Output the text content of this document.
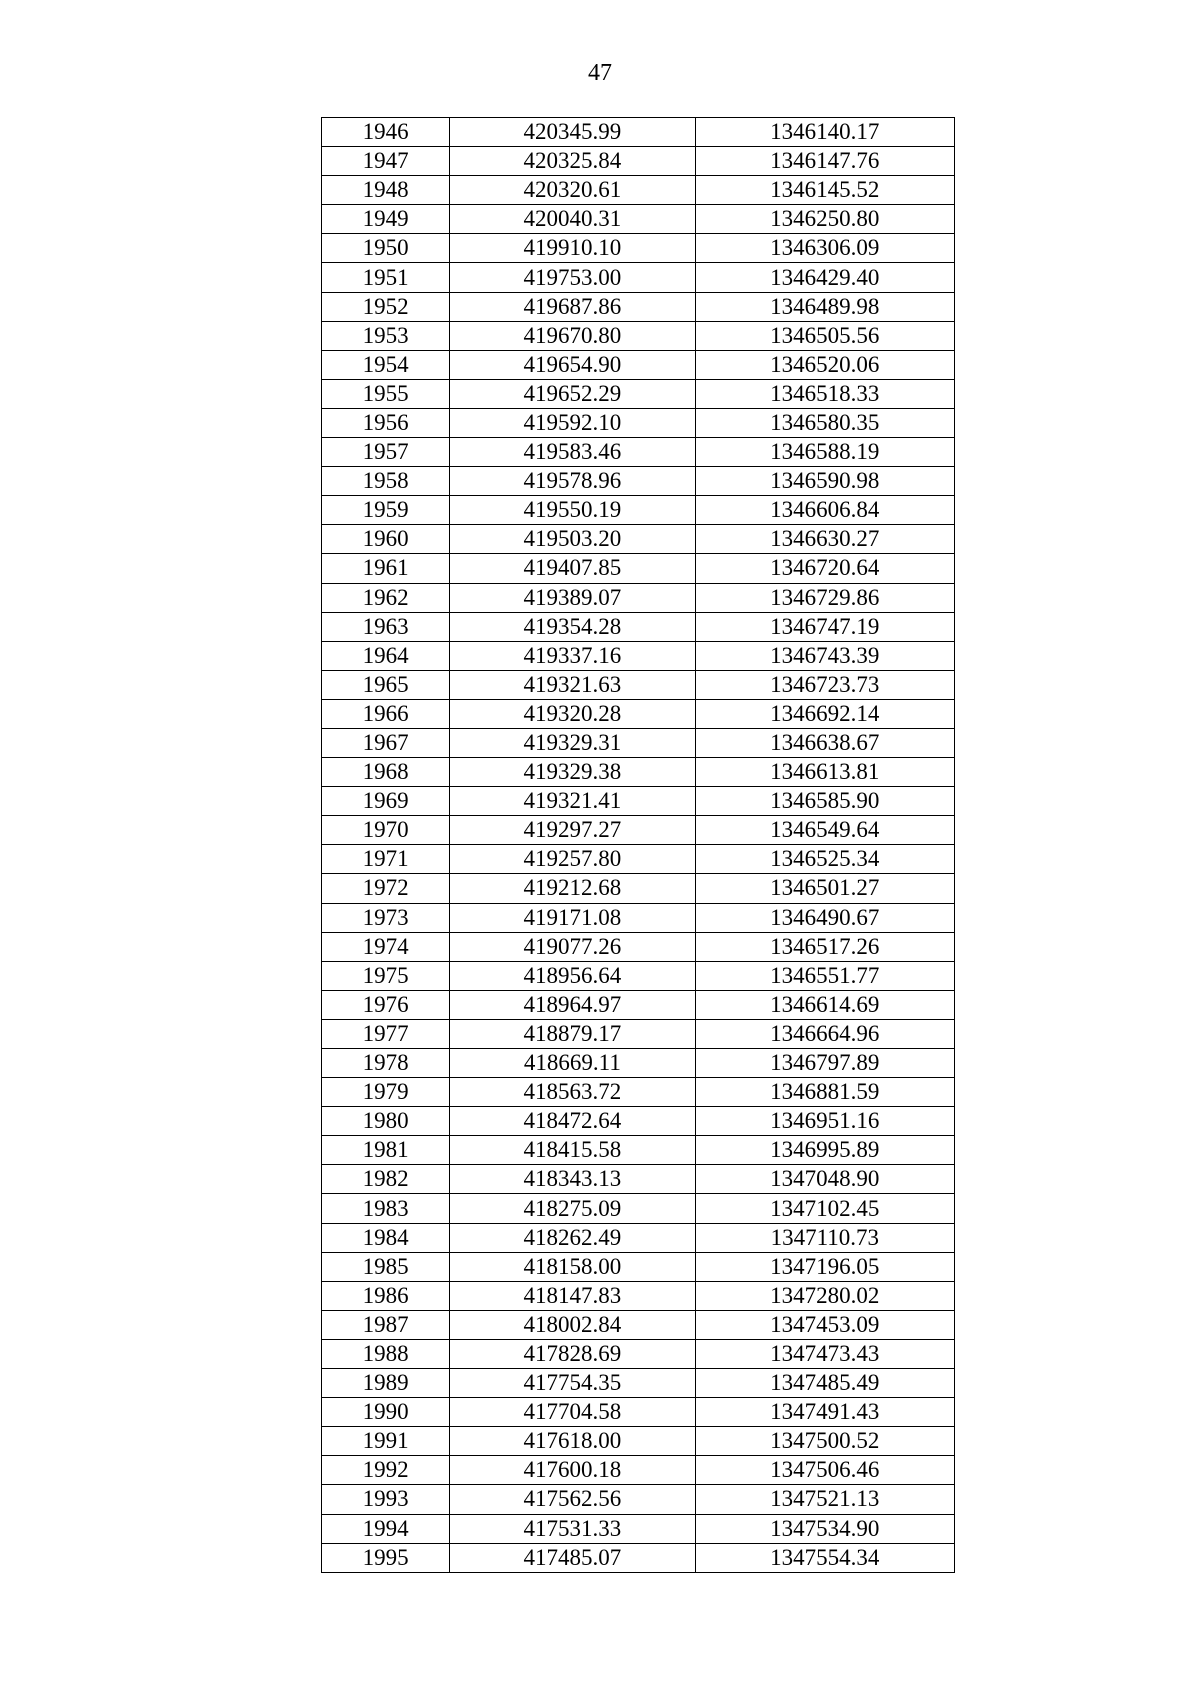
47
1946	420345.99	1346140.17
1947	420325.84	1346147.76
1948	420320.61	1346145.52
1949	420040.31	1346250.80
1950	419910.10	1346306.09
1951	419753.00	1346429.40
1952	419687.86	1346489.98
1953	419670.80	1346505.56
1954	419654.90	1346520.06
1955	419652.29	1346518.33
1956	419592.10	1346580.35
1957	419583.46	1346588.19
1958	419578.96	1346590.98
1959	419550.19	1346606.84
1960	419503.20	1346630.27
1961	419407.85	1346720.64
1962	419389.07	1346729.86
1963	419354.28	1346747.19
1964	419337.16	1346743.39
1965	419321.63	1346723.73
1966	419320.28	1346692.14
1967	419329.31	1346638.67
1968	419329.38	1346613.81
1969	419321.41	1346585.90
1970	419297.27	1346549.64
1971	419257.80	1346525.34
1972	419212.68	1346501.27
1973	419171.08	1346490.67
1974	419077.26	1346517.26
1975	418956.64	1346551.77
1976	418964.97	1346614.69
1977	418879.17	1346664.96
1978	418669.11	1346797.89
1979	418563.72	1346881.59
1980	418472.64	1346951.16
1981	418415.58	1346995.89
1982	418343.13	1347048.90
1983	418275.09	1347102.45
1984	418262.49	1347110.73
1985	418158.00	1347196.05
1986	418147.83	1347280.02
1987	418002.84	1347453.09
1988	417828.69	1347473.43
1989	417754.35	1347485.49
1990	417704.58	1347491.43
1991	417618.00	1347500.52
1992	417600.18	1347506.46
1993	417562.56	1347521.13
1994	417531.33	1347534.90
1995	417485.07	1347554.34
